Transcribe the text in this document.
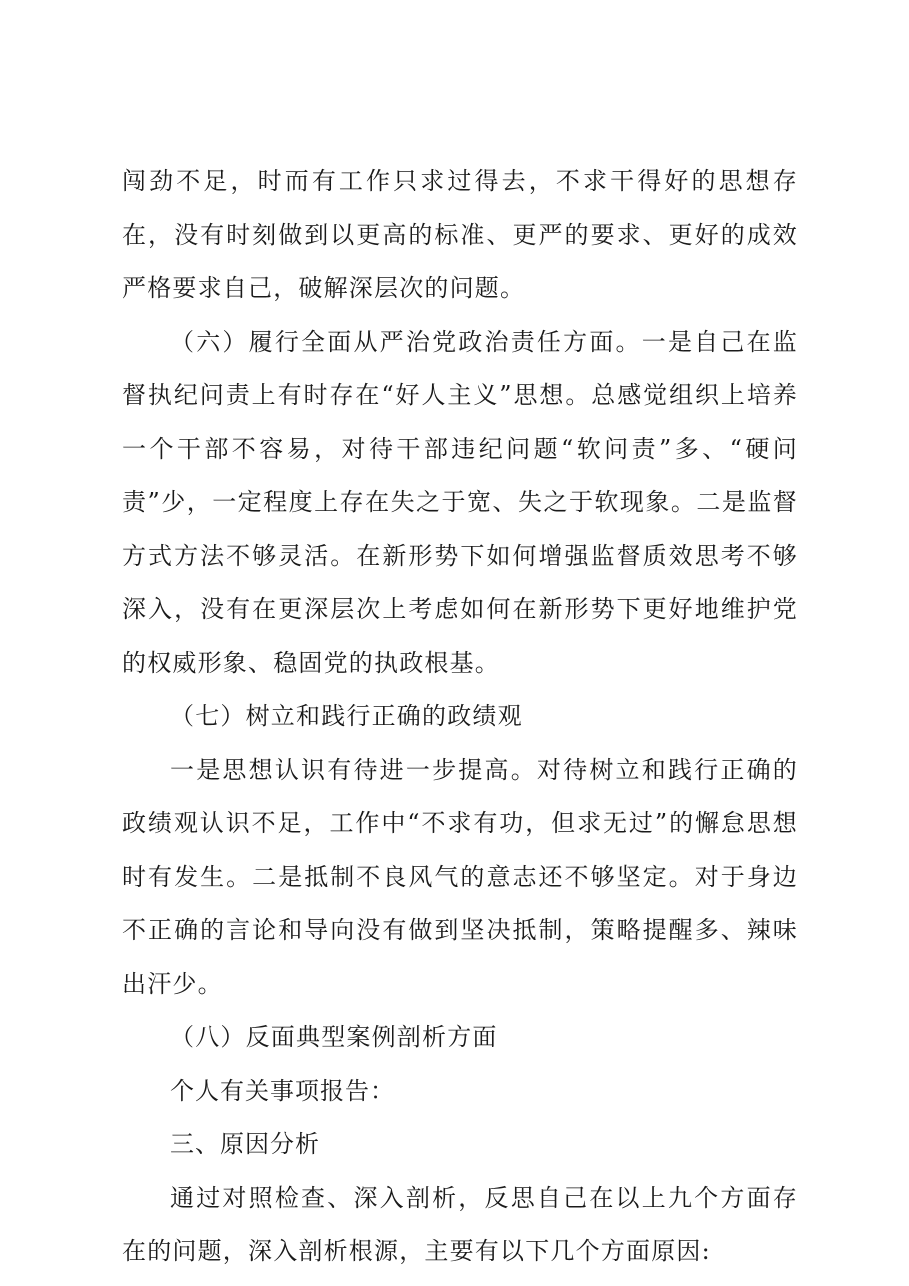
闯劲不足，时而有工作只求过得去，不求干得好的思想存在，没有时刻做到以更高的标准、更严的要求、更好的成效严格要求自己，破解深层次的问题。

（六）履行全面从严治党政治责任方面。一是自己在监督执纪问责上有时存在“好人主义”思想。总感觉组织上培养一个干部不容易，对待干部违纪问题“软问责”多、“硬问责”少，一定程度上存在失之于宽、失之于软现象。二是监督方式方法不够灵活。在新形势下如何增强监督质效思考不够深入，没有在更深层次上考虑如何在新形势下更好地维护党的权威形象、稳固党的执政根基。

（七）树立和践行正确的政绩观

一是思想认识有待进一步提高。对待树立和践行正确的政绩观认识不足，工作中“不求有功，但求无过”的懈怠思想时有发生。二是抵制不良风气的意志还不够坚定。对于身边不正确的言论和导向没有做到坚决抵制，策略提醒多、辣味出汗少。

（八）反面典型案例剖析方面

个人有关事项报告：

三、原因分析

通过对照检查、深入剖析，反思自己在以上九个方面存在的问题，深入剖析根源，主要有以下几个方面原因:
